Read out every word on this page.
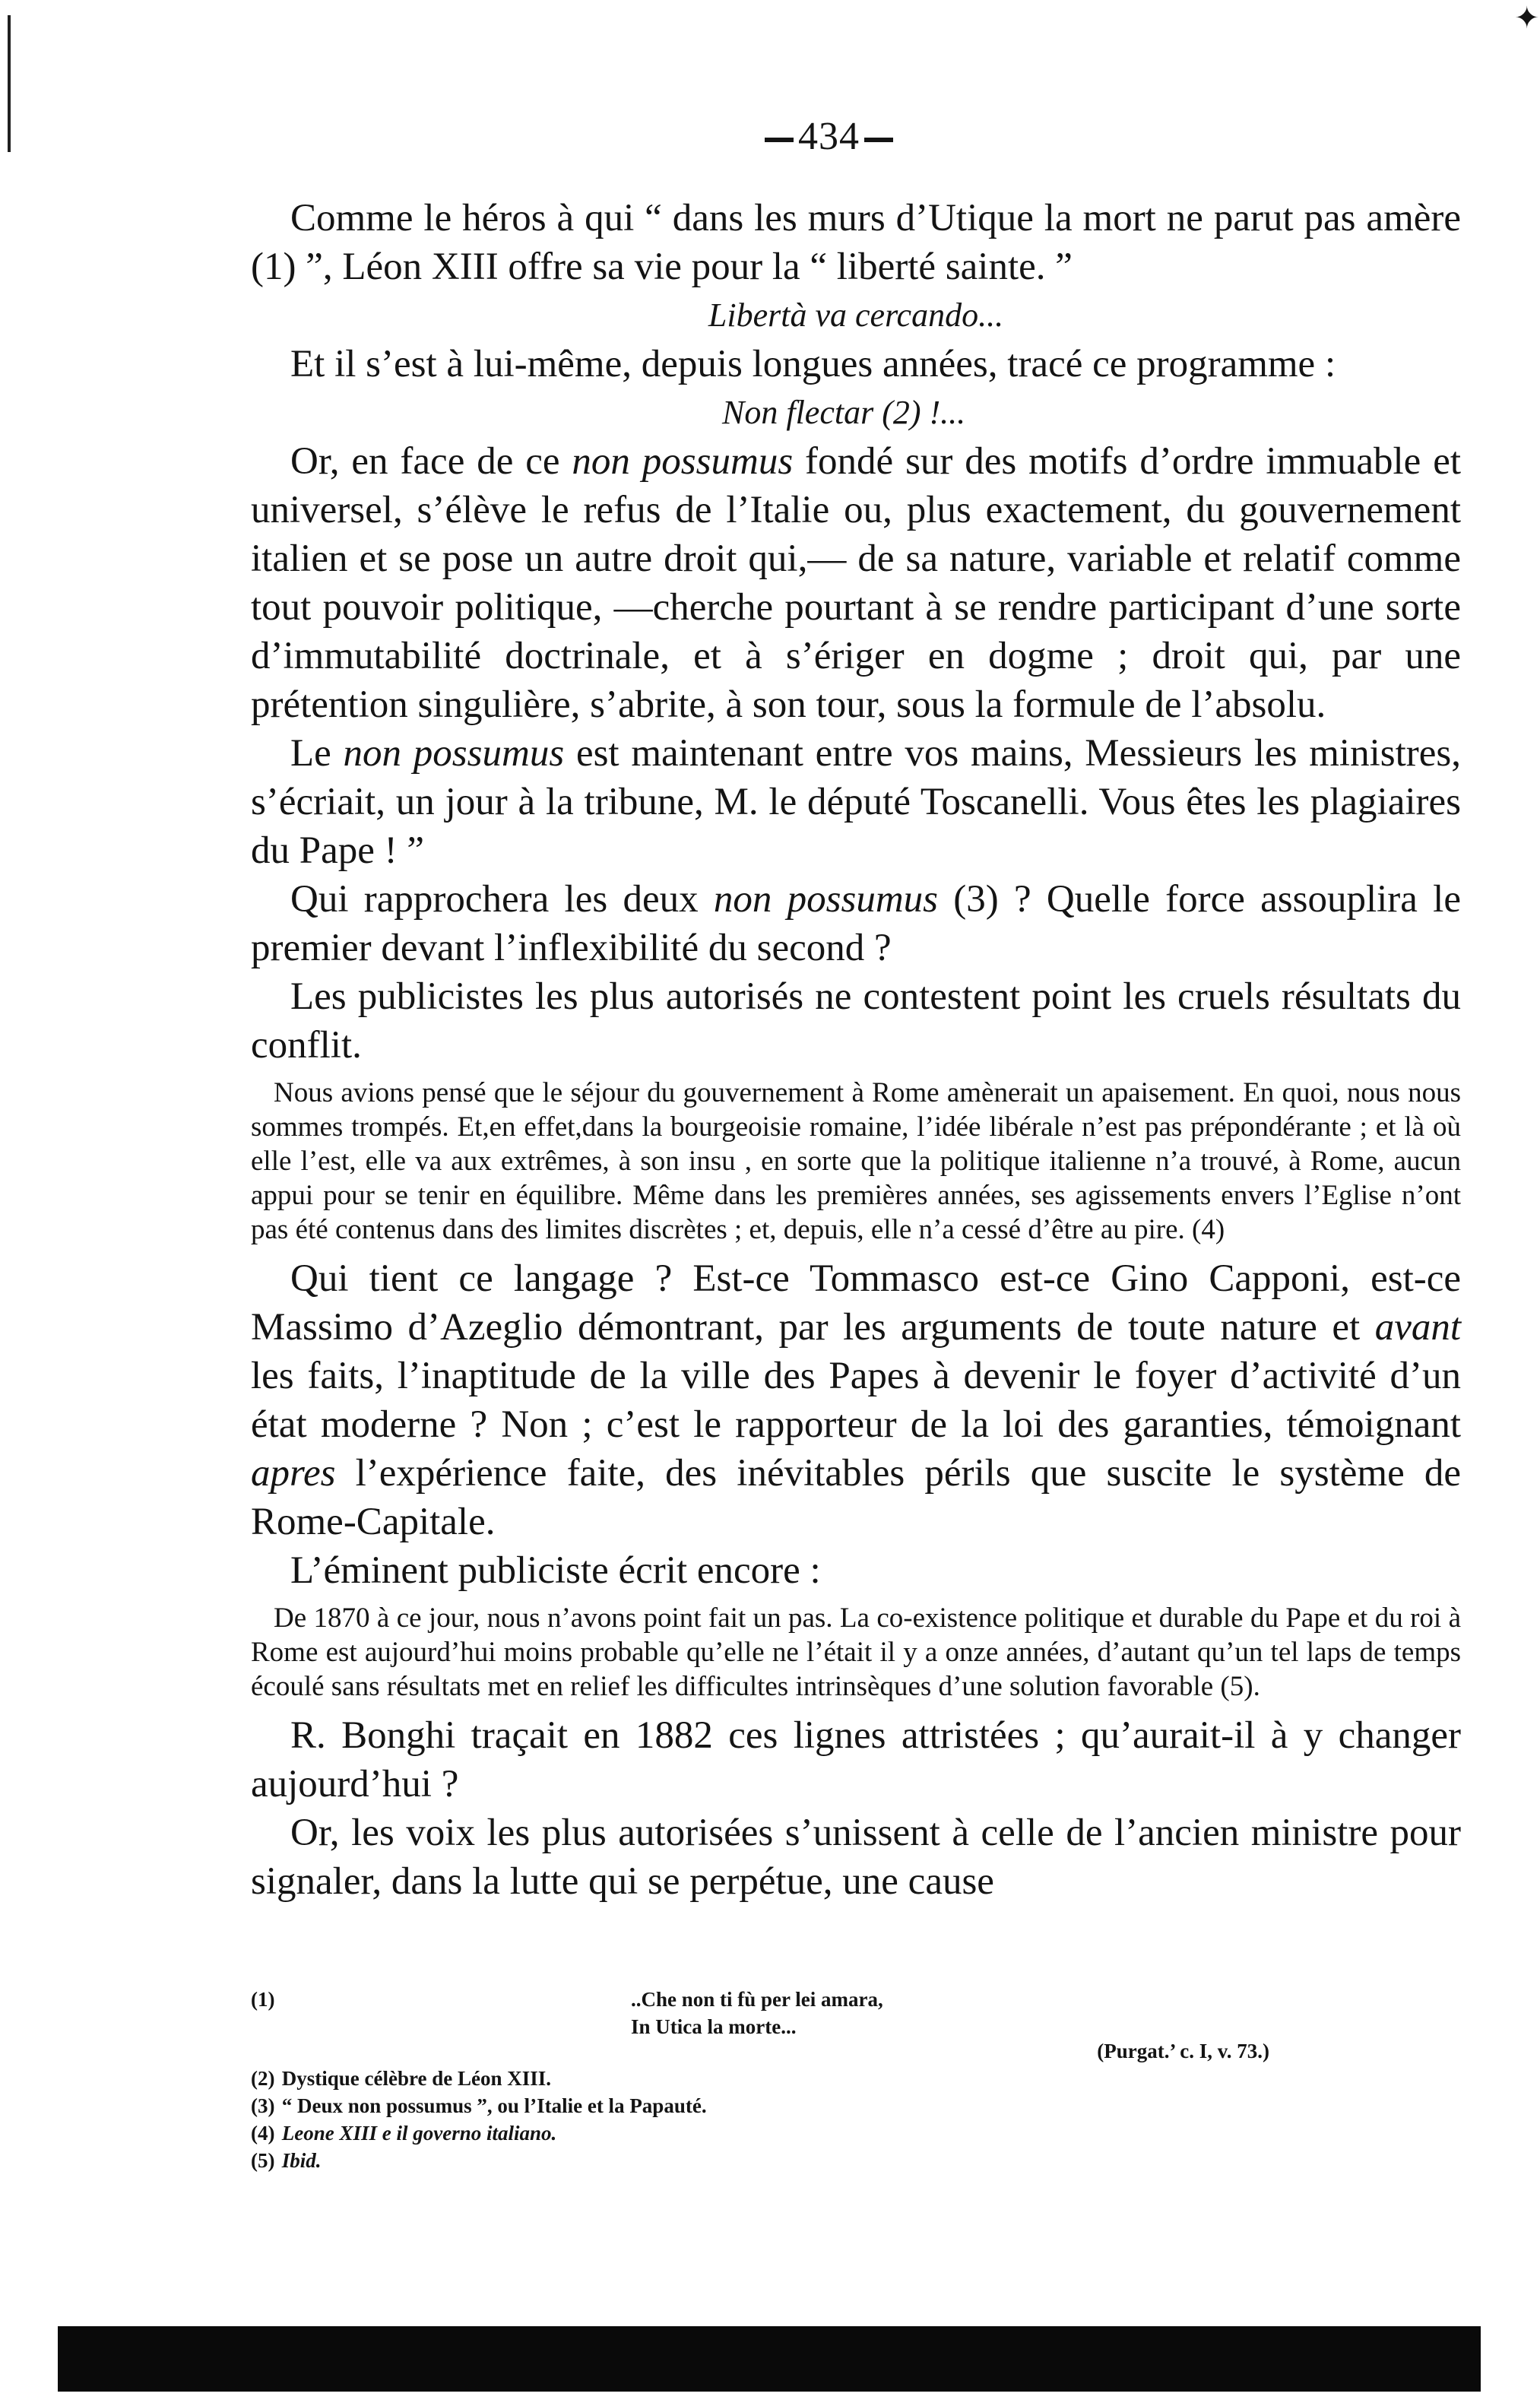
✦
434

Comme le héros à qui “ dans les murs d’Utique la mort ne parut pas amère (1) ”, Léon XIII offre sa vie pour la “ liberté sainte. ”

Libertà va cercando...

Et il s’est à lui-même, depuis longues années, tracé ce programme :

Non flectar (2) !...

Or, en face de ce non possumus fondé sur des motifs d’ordre immuable et universel, s’élève le refus de l’Italie ou, plus exactement, du gouvernement italien et se pose un autre droit qui,— de sa nature, variable et relatif comme tout pouvoir politique, —cherche pourtant à se rendre participant d’une sorte d’immutabilité doctrinale, et à s’ériger en dogme ; droit qui, par une prétention singulière, s’abrite, à son tour, sous la formule de l’absolu.

Le non possumus est maintenant entre vos mains, Messieurs les ministres, s’écriait, un jour à la tribune, M. le député Toscanelli. Vous êtes les plagiaires du Pape ! ”

Qui rapprochera les deux non possumus (3) ? Quelle force assouplira le premier devant l’inflexibilité du second ?

Les publicistes les plus autorisés ne contestent point les cruels résultats du conflit.

Nous avions pensé que le séjour du gouvernement à Rome amènerait un apaisement. En quoi, nous nous sommes trompés. Et,en effet,dans la bourgeoisie romaine, l’idée libérale n’est pas prépondérante ; et là où elle l’est, elle va aux extrêmes, à son insu , en sorte que la politique italienne n’a trouvé, à Rome, aucun appui pour se tenir en équilibre. Même dans les premières années, ses agissements envers l’Eglise n’ont pas été contenus dans des limites discrètes ; et, depuis, elle n’a cessé d’être au pire. (4)

Qui tient ce langage ? Est-ce Tommasco est-ce Gino Capponi, est-ce Massimo d’Azeglio démontrant, par les arguments de toute nature et avant les faits, l’inaptitude de la ville des Papes à devenir le foyer d’activité d’un état moderne ? Non ; c’est le rapporteur de la loi des garanties, témoignant apres l’expérience faite, des inévitables périls que suscite le système de Rome-Capitale.

L’éminent publiciste écrit encore :

De 1870 à ce jour, nous n’avons point fait un pas. La co-existence politique et durable du Pape et du roi à Rome est aujourd’hui moins probable qu’elle ne l’était il y a onze années, d’autant qu’un tel laps de temps écoulé sans résultats met en relief les difficultes intrinsèques d’une solution favorable (5).

R. Bonghi traçait en 1882 ces lignes attristées ; qu’aurait-il à y changer aujourd’hui ?

Or, les voix les plus autorisées s’unissent à celle de l’ancien ministre pour signaler, dans la lutte qui se perpétue, une cause

(1)	..Che non ti fù per lei amara,
In Utica la morte...
(Purgat.’ c. I, v. 73.)
(2) Dystique célèbre de Léon XIII.
(3) “ Deux non possumus ”, ou l’Italie et la Papauté.
(4) Leone XIII e il governo italiano.
(5) Ibid.
